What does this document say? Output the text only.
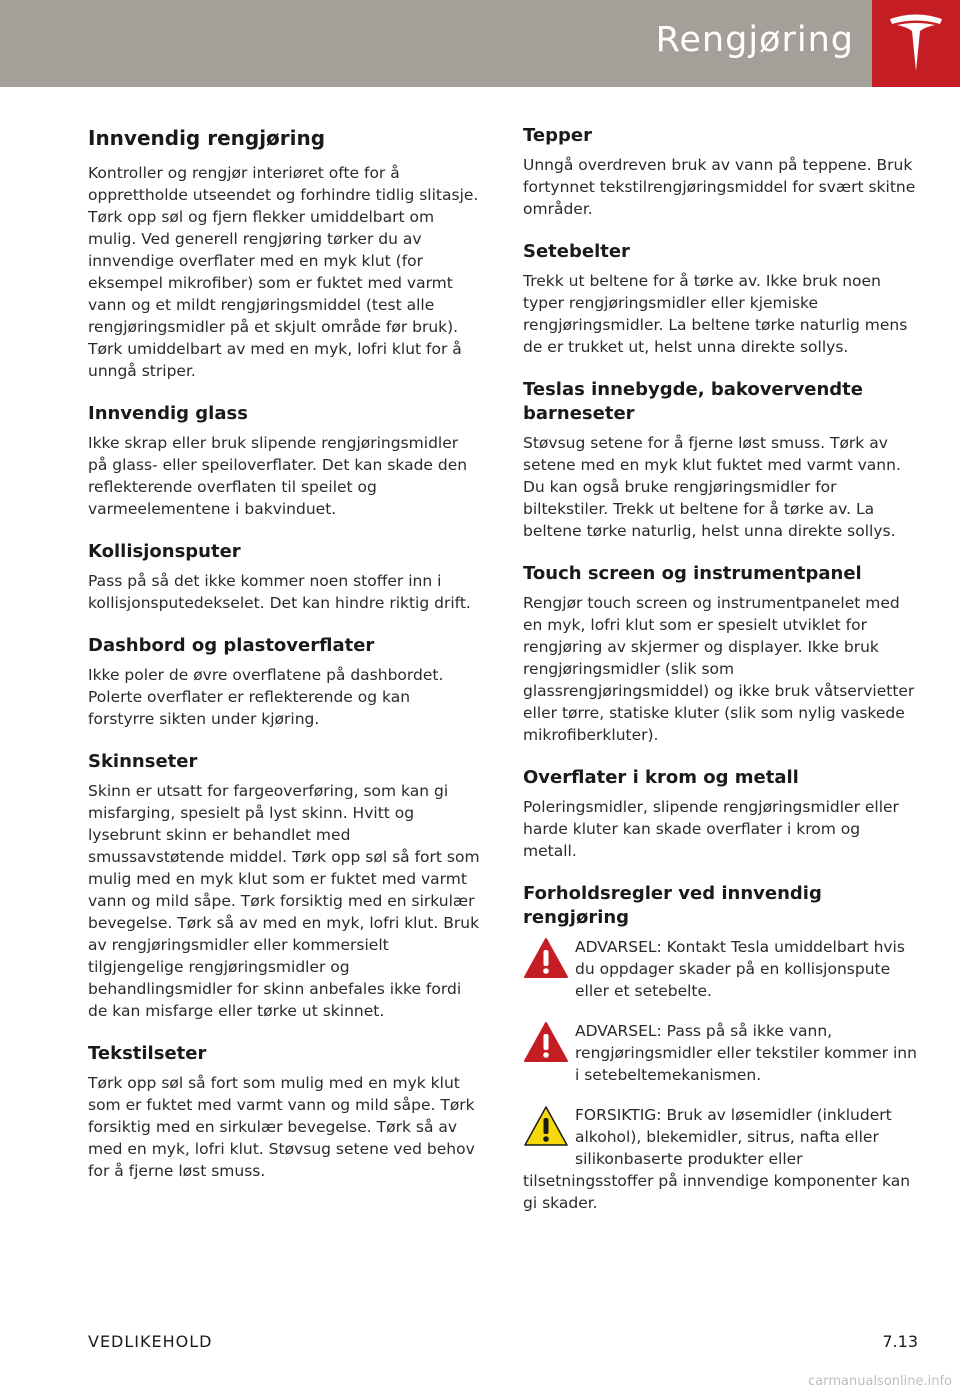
Rengjøring
Innvendig rengjøring

Kontroller og rengjør interiøret ofte for å opprettholde utseendet og forhindre tidlig slitasje. Tørk opp søl og fjern flekker umiddelbart om mulig. Ved generell rengjøring tørker du av innvendige overflater med en myk klut (for eksempel mikrofiber) som er fuktet med varmt vann og et mildt rengjøringsmiddel (test alle rengjøringsmidler på et skjult område før bruk). Tørk umiddelbart av med en myk, lofri klut for å unngå striper.

Innvendig glass

Ikke skrap eller bruk slipende rengjøringsmidler på glass- eller speiloverflater. Det kan skade den reflekterende overflaten til speilet og varmeelementene i bakvinduet.

Kollisjonsputer

Pass på så det ikke kommer noen stoffer inn i kollisjonsputedekselet. Det kan hindre riktig drift.

Dashbord og plastoverflater

Ikke poler de øvre overflatene på dashbordet. Polerte overflater er reflekterende og kan forstyrre sikten under kjøring.

Skinnseter

Skinn er utsatt for fargeoverføring, som kan gi misfarging, spesielt på lyst skinn. Hvitt og lysebrunt skinn er behandlet med smussavstøtende middel. Tørk opp søl så fort som mulig med en myk klut som er fuktet med varmt vann og mild såpe. Tørk forsiktig med en sirkulær bevegelse. Tørk så av med en myk, lofri klut. Bruk av rengjøringsmidler eller kommersielt tilgjengelige rengjøringsmidler og behandlingsmidler for skinn anbefales ikke fordi de kan misfarge eller tørke ut skinnet.

Tekstilseter

Tørk opp søl så fort som mulig med en myk klut som er fuktet med varmt vann og mild såpe. Tørk forsiktig med en sirkulær bevegelse. Tørk så av med en myk, lofri klut. Støvsug setene ved behov for å fjerne løst smuss.

Tepper

Unngå overdreven bruk av vann på teppene. Bruk fortynnet tekstilrengjøringsmiddel for svært skitne områder.

Setebelter

Trekk ut beltene for å tørke av. Ikke bruk noen typer rengjøringsmidler eller kjemiske rengjøringsmidler. La beltene tørke naturlig mens de er trukket ut, helst unna direkte sollys.

Teslas innebygde, bakovervendte barneseter

Støvsug setene for å fjerne løst smuss. Tørk av setene med en myk klut fuktet med varmt vann. Du kan også bruke rengjøringsmidler for biltekstiler. Trekk ut beltene for å tørke av. La beltene tørke naturlig, helst unna direkte sollys.

Touch screen og instrumentpanel

Rengjør touch screen og instrumentpanelet med en myk, lofri klut som er spesielt utviklet for rengjøring av skjermer og displayer. Ikke bruk rengjøringsmidler (slik som glassrengjøringsmiddel) og ikke bruk våtservietter eller tørre, statiske kluter (slik som nylig vaskede mikrofiberkluter).

Overflater i krom og metall

Poleringsmidler, slipende rengjøringsmidler eller harde kluter kan skade overflater i krom og metall.

Forholdsregler ved innvendig rengjøring

ADVARSEL: Kontakt Tesla umiddelbart hvis du oppdager skader på en kollisjonspute eller et setebelte.

ADVARSEL: Pass på så ikke vann, rengjøringsmidler eller tekstiler kommer inn i setebeltemekanismen.

FORSIKTIG: Bruk av løsemidler (inkludert alkohol), blekemidler, sitrus, nafta eller silikonbaserte produkter eller tilsetningsstoffer på innvendige komponenter kan gi skader.

VEDLIKEHOLD	7.13
carmanualsonline.info
